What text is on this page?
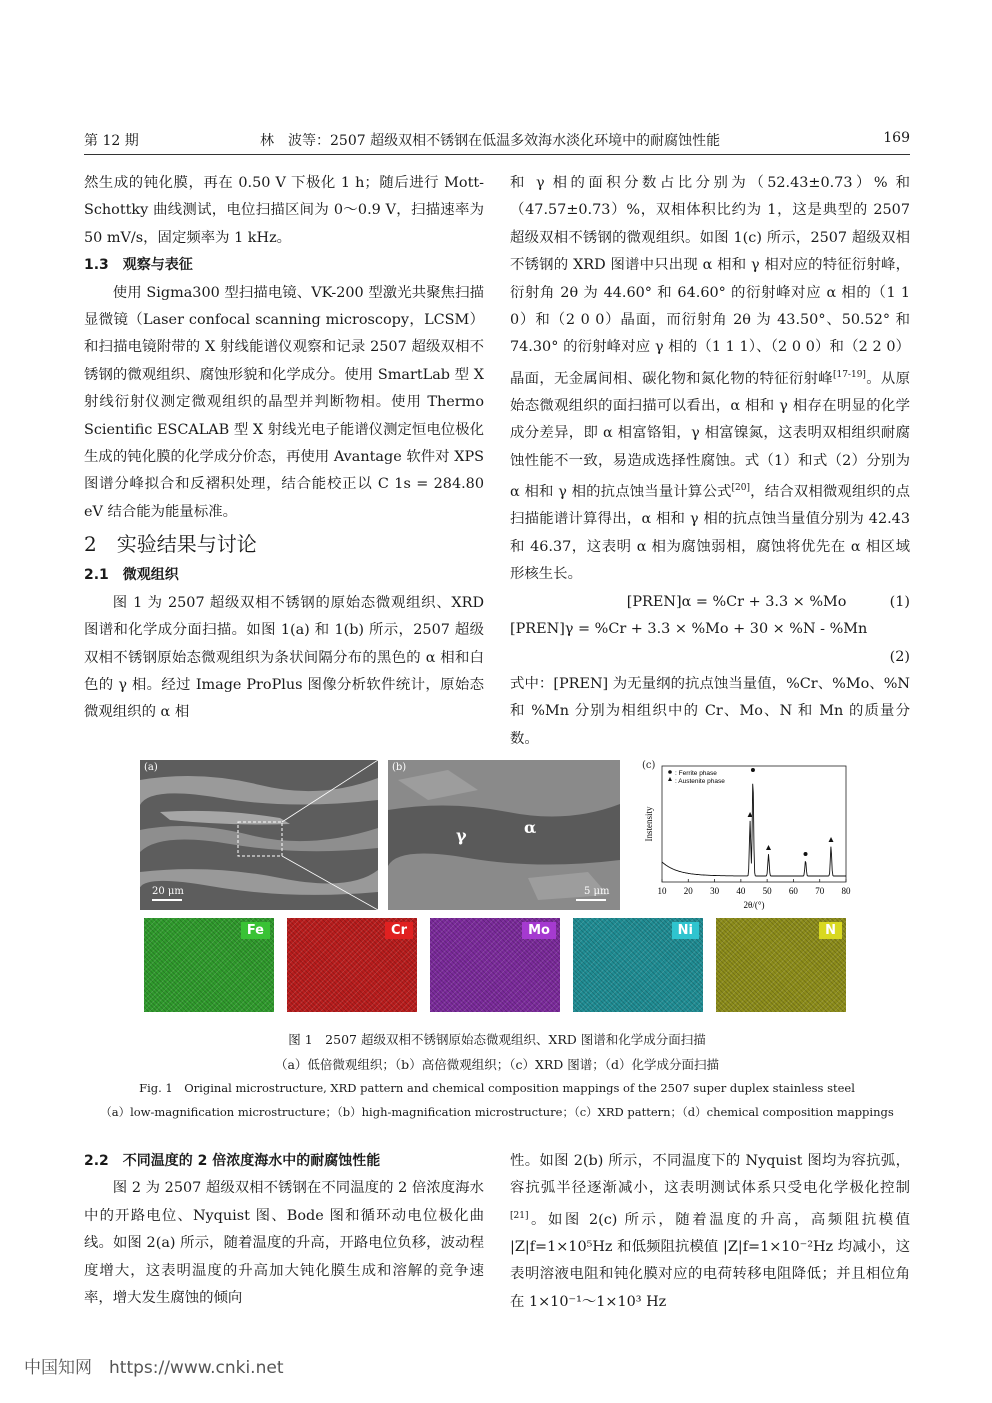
第 12 期	林　波等：2507 超级双相不锈钢在低温多效海水淡化环境中的耐腐蚀性能	169

然生成的钝化膜，再在 0.50 V 下极化 1 h；随后进行 Mott-Schottky 曲线测试，电位扫描区间为 0～0.9 V，扫描速率为 50 mV/s，固定频率为 1 kHz。

1.3　观察与表征

使用 Sigma300 型扫描电镜、VK-200 型激光共聚焦扫描显微镜（Laser confocal scanning microscopy，LCSM）和扫描电镜附带的 X 射线能谱仪观察和记录 2507 超级双相不锈钢的微观组织、腐蚀形貌和化学成分。使用 SmartLab 型 X 射线衍射仪测定微观组织的晶型并判断物相。使用 Thermo Scientific ESCALAB 型 X 射线光电子能谱仪测定恒电位极化生成的钝化膜的化学成分价态，再使用 Avantage 软件对 XPS 图谱分峰拟合和反褶积处理，结合能校正以 C 1s = 284.80 eV 结合能为能量标准。

2　实验结果与讨论

2.1　微观组织

图 1 为 2507 超级双相不锈钢的原始态微观组织、XRD 图谱和化学成分面扫描。如图 1(a) 和 1(b) 所示，2507 超级双相不锈钢原始态微观组织为条状间隔分布的黑色的 α 相和白色的 γ 相。经过 Image ProPlus 图像分析软件统计，原始态微观组织的 α 相

和 γ 相的面积分数占比分别为（52.43±0.73）% 和（47.57±0.73）%，双相体积比约为 1，这是典型的 2507 超级双相不锈钢的微观组织。如图 1(c) 所示，2507 超级双相不锈钢的 XRD 图谱中只出现 α 相和 γ 相对应的特征衍射峰，衍射角 2θ 为 44.60° 和 64.60° 的衍射峰对应 α 相的（1 1 0）和（2 0 0）晶面，而衍射角 2θ 为 43.50°、50.52° 和 74.30° 的衍射峰对应 γ 相的（1 1 1）、（2 0 0）和（2 2 0）晶面，无金属间相、碳化物和氮化物的特征衍射峰[17-19]。从原始态微观组织的面扫描可以看出，α 相和 γ 相存在明显的化学成分差异，即 α 相富铬钼，γ 相富镍氮，这表明双相组织耐腐蚀性能不一致，易造成选择性腐蚀。式（1）和式（2）分别为 α 相和 γ 相的抗点蚀当量计算公式[20]，结合双相微观组织的点扫描能谱计算得出，α 相和 γ 相的抗点蚀当量值分别为 42.43 和 46.37，这表明 α 相为腐蚀弱相，腐蚀将优先在 α 相区域形核生长。

[PREN]α = %Cr + 3.3 × %Mo　　　(1)

[PREN]γ = %Cr + 3.3 × %Mo + 30 × %N - %Mn

(2)

式中：[PREN] 为无量纲的抗点蚀当量值，%Cr、%Mo、%N 和 %Mn 分别为相组织中的 Cr、Mo、N 和 Mn 的质量分数。

(a)
20 μm
(b)
γ	α
5 μm
(c)
10 20 30 40 50 60 70 80
2θ/(°)
Instensity
: Ferrite phase
: Austenite phase
Fe	Cr	Mo	Ni	N
图 1　2507 超级双相不锈钢原始态微观组织、XRD 图谱和化学成分面扫描
（a）低倍微观组织；（b）高倍微观组织；（c）XRD 图谱；（d）化学成分面扫描
Fig. 1　Original microstructure, XRD pattern and chemical composition mappings of the 2507 super duplex stainless steel
（a）low-magnification microstructure；（b）high-magnification microstructure；（c）XRD pattern；（d）chemical composition mappings

2.2　不同温度的 2 倍浓度海水中的耐腐蚀性能

图 2 为 2507 超级双相不锈钢在不同温度的 2 倍浓度海水中的开路电位、Nyquist 图、Bode 图和循环动电位极化曲线。如图 2(a) 所示，随着温度的升高，开路电位负移，波动程度增大，这表明温度的升高加大钝化膜生成和溶解的竞争速率，增大发生腐蚀的倾向

性。如图 2(b) 所示，不同温度下的 Nyquist 图均为容抗弧，容抗弧半径逐渐减小，这表明测试体系只受电化学极化控制[21]。如图 2(c) 所示，随着温度的升高，高频阻抗模值 |Z|f=1×10⁵Hz 和低频阻抗模值 |Z|f=1×10⁻²Hz 均减小，这表明溶液电阻和钝化膜对应的电荷转移电阻降低；并且相位角在 1×10⁻¹～1×10³ Hz

中国知网　https://www.cnki.net
